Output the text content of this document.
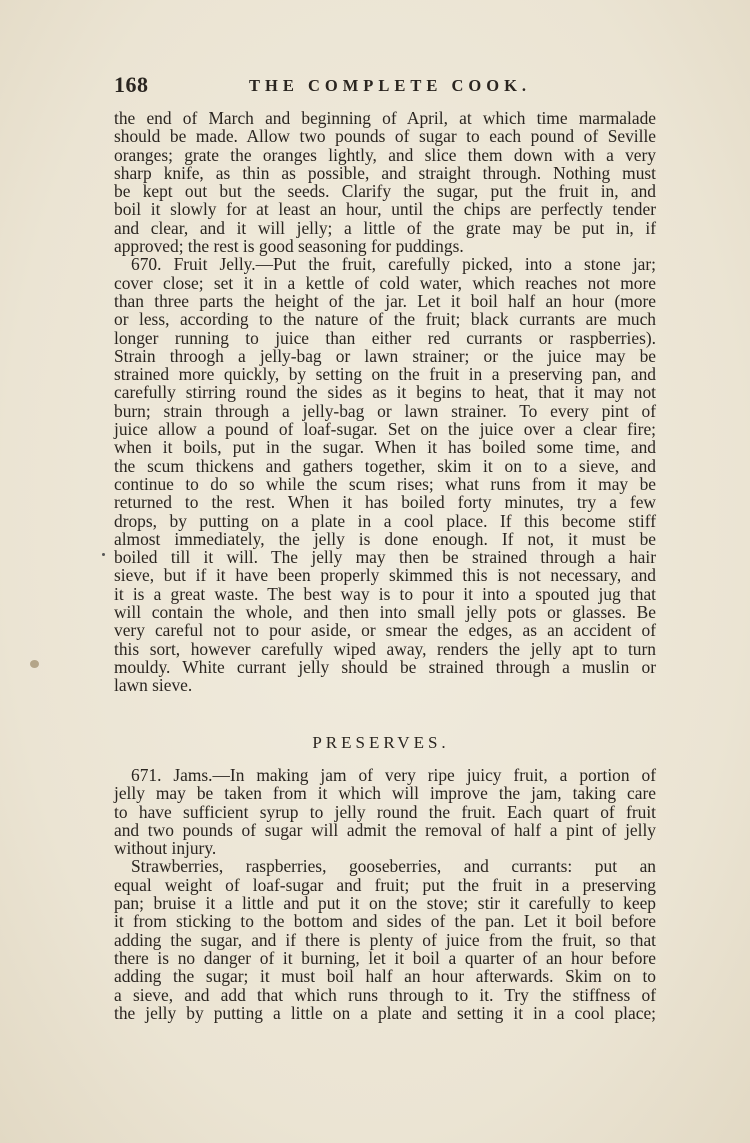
168	THE COMPLETE COOK.
the end of March and beginning of April, at which time marmalade
should be made. Allow two pounds of sugar to each pound of Seville
oranges; grate the oranges lightly, and slice them down with a very
sharp knife, as thin as possible, and straight through. Nothing must
be kept out but the seeds. Clarify the sugar, put the fruit in, and
boil it slowly for at least an hour, until the chips are perfectly tender
and clear, and it will jelly; a little of the grate may be put in, if
approved; the rest is good seasoning for puddings.
670. Fruit Jelly.—Put the fruit, carefully picked, into a stone jar;
cover close; set it in a kettle of cold water, which reaches not more
than three parts the height of the jar. Let it boil half an hour (more
or less, according to the nature of the fruit; black currants are much
longer running to juice than either red currants or raspberries).
Strain throogh a jelly-bag or lawn strainer; or the juice may be
strained more quickly, by setting on the fruit in a preserving pan, and
carefully stirring round the sides as it begins to heat, that it may not
burn; strain through a jelly-bag or lawn strainer. To every pint of
juice allow a pound of loaf-sugar. Set on the juice over a clear fire;
when it boils, put in the sugar. When it has boiled some time, and
the scum thickens and gathers together, skim it on to a sieve, and
continue to do so while the scum rises; what runs from it may be
returned to the rest. When it has boiled forty minutes, try a few
drops, by putting on a plate in a cool place. If this become stiff
almost immediately, the jelly is done enough. If not, it must be
boiled till it will. The jelly may then be strained through a hair
sieve, but if it have been properly skimmed this is not necessary, and
it is a great waste. The best way is to pour it into a spouted jug that
will contain the whole, and then into small jelly pots or glasses. Be
very careful not to pour aside, or smear the edges, as an accident of
this sort, however carefully wiped away, renders the jelly apt to turn
mouldy. White currant jelly should be strained through a muslin or
lawn sieve.
PRESERVES.
671. Jams.—In making jam of very ripe juicy fruit, a portion of
jelly may be taken from it which will improve the jam, taking care
to have sufficient syrup to jelly round the fruit. Each quart of fruit
and two pounds of sugar will admit the removal of half a pint of jelly
without injury.
Strawberries, raspberries, gooseberries, and currants: put an
equal weight of loaf-sugar and fruit; put the fruit in a preserving
pan; bruise it a little and put it on the stove; stir it carefully to keep
it from sticking to the bottom and sides of the pan. Let it boil before
adding the sugar, and if there is plenty of juice from the fruit, so that
there is no danger of it burning, let it boil a quarter of an hour before
adding the sugar; it must boil half an hour afterwards. Skim on to
a sieve, and add that which runs through to it. Try the stiffness of
the jelly by putting a little on a plate and setting it in a cool place;
